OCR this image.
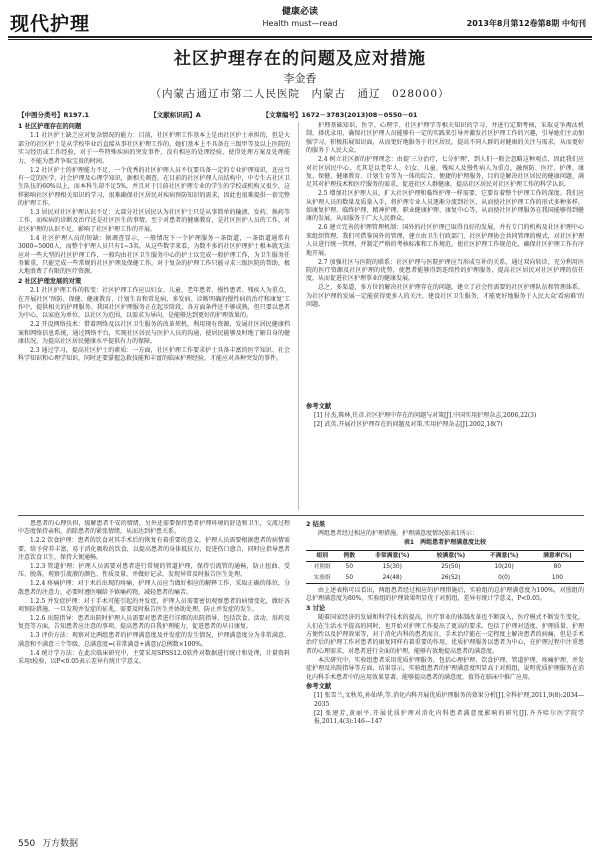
现代护理
健康必读
Health must—read	2013年8月第12卷第8期 中旬刊
社区护理存在的问题及应对措施
李金香
（内蒙古通辽市第二人民医院　内蒙古　通辽　028000）
【中图分类号】R197.1	【文献标识码】A	【文章编号】1672－3783(2013)08－0550－01
1 社区护理存在的问题

1.1 社区护士缺乏应对复杂情况的能力：目前，社区护理工作基本上是由社区护士承担的，但是大部分的社区护士是从学校毕业后直接从事社区护理工作的，她们基本上不具备在三级甲等及以上医院的实习经历或工作经验，对于一些特殊疾病的突发事件，没有相应的处理经验，使得处理方案及处理能力，不能为患者争取宝贵的时间。

1.2 社区护士的护理能力不足，一个优秀的社区护理人员不仅要具备一定的专业护理知识，还应当有一定的医学、社会护理及心理学知识，据相关调查，在目前的社区护理人员结构中，中专生占社区卫生队伍的60%以上，而本科生却不足5%，并且对于目前社区护理专业的学生的学校或机构又很少，这样影响社区护理相关知识的学习，很难确保社区居民对疾病预防知识的需求，因此也很难提供一套完整的护理工作。

1.3 居民对社区护理认识不足：大部分社区居民认为社区护士只是从事简单的输液、发药、换药等工作，而疾病的诊断及治疗还是社区医生的事情，至于对患者的健康教育，是社区医护人员的工作，对社区护理的认识不足，影响了社区护理工作的开展。

1.4 社区护理人员的短缺：据调查显示，一般情况下一个护理服务一条街道，一条街道通常有3000~5000人，而整个护理人员只有1~3名，从这些数字来看，为数不多的社区护理护士根本就无法应对一些大型的社区护理工作，一般均由社区卫生服务中心的护士以完成一般护理工作，为卫生服务任务繁重，只能完成一些常规的社区护理及保健工作，对于复杂的护理工作只能寻求三级医院的帮助，极大地浪费了有限的医疗资源。

2 社区护理发展的对策

2.1 社区护理工作的转变：社区护理工作应以妇女、儿童、老年患者、慢性患者、残疾人为重点，在开展社区'预防、保健、健康教育、计划生育和常见病、多发病、诊断明确的慢性病的治疗和康复'工作中，提供相关的护理服务。我国社区护理服务正在起步阶段，各方面条件还不够成熟，但只要以患者为中心，以家庭为单位，以社区为范围，以需求为导向，是能够达到更好的护理效果的。

2.2 开设网络技术：借着网络及以社区卫生服务的改革契机，利用现有资源，发展社区居民健康档案和网络信息系统，通过网络平台，实现社区居民与医护人员的沟通，使居民能够及时地了解自身的健康状况，为提高社区居民健康水平提供有力的保障。

2.3 通过学习，提高社区护士的素质：一方面，社区护理工作要求护士具备丰富的医学知识、社会科学知识和心理学知识，同时还要掌握急救技能和丰富的临床护理经验，才能应对各种突发的事件。

护理基础知识、医学、心理学、社区护理学等相关知识的学习，并进行定期考核，采取竞争淘汰机制，择优录用，确保社区护理人员能够有一定的实践来引导并激发社区护理工作的兴趣，引导她们主动加强学习，积极拓展知识面，从而更好地服务于社区居民，提高不同人群的对健康的关注与需求，从而更好的服务于人民大众。

2.4 树立社区新的护理理念：由提'三分治疗，七分护理'，到人们一般会忽略这种观点，因此我们应对社区居民中心，尤其是以老年人、妇女、儿童、残疾人及慢性病人为重点，融预防、医疗、护理、康复、保健、健康教育、计划生育等为一体的综合、便捷的护理服务，目的是解决社区居民的健康问题，满足其对护理技术和医疗服务的需求，促进社区人群健康，提高社区居民对社区护理工作的科学认识。

2.5 增加社区护理人员，扩大社区护理和临终护理一样需要，它要育着整个护理工作的深度。我们应从护理人员的数量及质量入手，将护理专业人员逐渐分流到社区，从而使社区护理工作的形式多种多样，如康复护理、临终护理、精神护理、职业健康护理、康复中心等，从而使社区护理服务在我国能够得到健康的发展，从而服务于广大人民群众。

2.6 建立完善的护理管理机制：国外的社区护理已取得良好的发展，并有专门的机构及社区护理中心来组织管理。我们可借鉴国外的管理，建立由卫生行政部门、社区护理协会共同管理的模式，对社区护理人员进行统一管理，并制定严格的考核标准和工作规范，使社区护理工作规范化，确保社区护理工作有序地开展。

2.7 加强社区与医院的联系：社区护理与医院护理应当形成互补的关系，通过双向转诊，充分利用医院的医疗资源及社区护理的优势，使患者能够得到连续性的护理服务，提高社区居民对社区护理的信任度，从而促进社区护理事业的健康发展。

总之，多渠道，多方位的解决社区护理存在的问题，建立了社会性需要的社区护理队伍和管理体系，为社区护理的发展一定能获得更多人的关注，建设社区卫生服务，才能更好地服务于人民大众'看病难'的问题。

参考文献

[1] 付杰,陈林,任彦.社区护理中存在的问题与对策[J].中国实用护理杂志,2006,22(3)

[2] 武英.开展社区护理存在的问题及对策.实用护理杂志[J].2002,18(7)

患患者的心理负担，缓解患者不安的情绪，另外还需要保持患者护理环境的舒适和卫生，交流过程中态度保持亲和，消除患者的紧张情绪，从而达到护患关系。

1.2.2 饮食护理：患者的饮食对其手术后的恢复有着重要的意义，护理人员需要根据患者的病情需要，给予营养丰富、易于消化吸收的饮食，以提高患者的身体抵抗力，促进伤口愈合，同时应指导患者注意饮食卫生，保持大便通畅。

1.2.3 管道护理：护理人员需要对患者进行常规的管道护理，保持引流管的通畅，防止扭曲、受压、脱落，观察引流液的颜色、性质及量，并做好记录，发现异常及时报告医生处理。

1.2.4 疼痛护理：对于术后出现的疼痛，护理人员应当做好相应的解释工作，采取正确的体位，分散患者的注意力，必要时遵医嘱给予镇痛药物，减轻患者的痛苦。

1.2.5 并发症护理：对于手术可能引起的并发症，护理人员需要密切观察患者的病情变化，做好各项预防措施，一旦发现并发症的征兆，需要及时报告医生并协助处理，防止并发症的发生。

1.2.6 出院指导：患者出院时护理人员需要对患者进行详细的出院指导，包括饮食、活动、用药及复查等方面，告知患者应注意的事项，提高患者的自我护理能力，促进患者的早日康复。

1.3 评价方法：观察对比两组患者的护理满意度及并发症的发生情况，护理满意度分为非常满意、满意和不满意三个等级，总满意度=(非常满意+满意)/总例数×100%。

1.4 统计学方法：在此次临床研究中，主要采用SPSS12.0软件对数据进行统计和处理，计量资料采用t检验，以P<0.05表示差异有统计学意义。

2 结果

两组患者经过相应的护理措施，护理满意度情况如表1所示：

表1　两组患者护理满意度比较
组别	例数	非常满意(%)	较满意(%)	不满意(%)	满意率(%)
对照组	50	15(30)	25(50)	10(20)	80
实验组	50	24(48)	26(52)	0(0)	100

由上述表格可以看出，两组患者经过相应的护理措施后，实验组的总护理满意度为100%，对照组的总护理满意度为80%，实验组的护理效果明显优于对照组，差异有统计学意义，P<0.05。

3 讨论

随着国家经济的发展和科学技术的提高，医疗事业的体制改革也不断深入，医疗模式不断发生变化，人们在生活水平提高的同时，也开始对护理工作提出了更高的要求。包括了护理对适度、护理质量、护理方便性以及护理效果等，对于消化内科的患者而言，手术治疗能在一定程度上解决患者的病痛，但是手术治疗后的护理工作对患者的康复同样有着重要的作用，优质护理服务以患者为中心，在护理过程中注重患者的心理需求，对患者进行全面的护理，能够有效地提高患者的满意度。

本次研究中，实验组患者采用优质护理服务，包括心理护理、饮食护理、管道护理、疼痛护理、并发症护理及出院指导等方面，结果显示，实验组患者的护理满意度明显高于对照组，说明优质护理服务在消化内科手术患者中的应用效果显著，能够提高患者的满意度，值得在临床中推广应用。

参考文献

[1] 张雪兰,文秋英,孙仙华,等.消化内科开展优质护理服务的效果分析[J].全科护理,2011,9(8):2034—2035

[2] 张建芳,黄丽平.开展优质护理对消化内科患者满意度影响的研究[J].齐齐哈尔医学院学报,2011,4(3):146—147

550 万方数据
